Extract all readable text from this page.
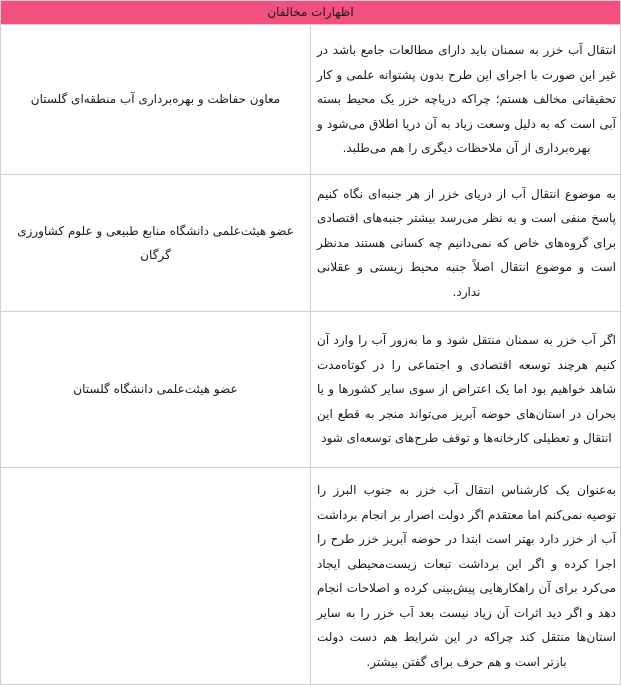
اظهارات مخالفان	
انتقال آب خزر به سمنان باید دارای مطالعات جامع باشد در غیر این صورت با اجرای این طرح بدون پشتوانه علمی و کار تحقیقاتی مخالف هستم؛ چراکه دریاچه خزر یک محیط بسته آبی است که به دلیل وسعت زیاد به آن دریا اطلاق می‌شود و بهره‌برداری از آن ملاحظات دیگری را هم می‌طلبد.	معاون حفاظت و بهره‌برداری آب منطقه‌ای گلستان
به موضوع انتقال آب از دریای خزر از هر جنبه‌ای نگاه کنیم پاسخ منفی است و به نظر می‌رسد بیشتر جنبه‌های اقتصادی برای گروه‌های خاص که نمی‌دانیم چه کسانی هستند مدنظر است و موضوع انتقال اصلاً جنبه محیط زیستی و عقلانی ندارد.	عضو هیئت‌علمی دانشگاه منابع طبیعی و علوم کشاورزی گرگان
اگر آب خزر به سمنان منتقل شود و ما به‌زور آب را وارد آن کنیم هرچند توسعه اقتصادی و اجتماعی را در کوتاه‌مدت شاهد خواهیم بود اما یک اعتراض از سوی سایر کشورها و یا بحران در استان‌های حوضه آبریز می‌تواند منجر به قطع این انتقال و تعطیلی کارخانه‌ها و توقف طرح‌های توسعه‌ای شود	عضو هیئت‌علمی دانشگاه گلستان
به‌عنوان یک کارشناس انتقال آب خزر به جنوب البرز را توصیه نمی‌کنم اما معتقدم اگر دولت اصرار بر انجام برداشت آب از خزر دارد بهتر است ابتدا در حوضه آبریز خزر طرح را اجرا کرده و اگر این برداشت تبعات زیست‌محیطی ایجاد می‌کرد برای آن راهکارهایی پیش‌بینی کرده و اصلاحات انجام دهد و اگر دید اثرات آن زیاد نیست بعد آب خزر را به سایر استان‌ها منتقل کند چراکه در این شرایط هم دست دولت بازتر است و هم حرف برای گفتن بیشتر.	
